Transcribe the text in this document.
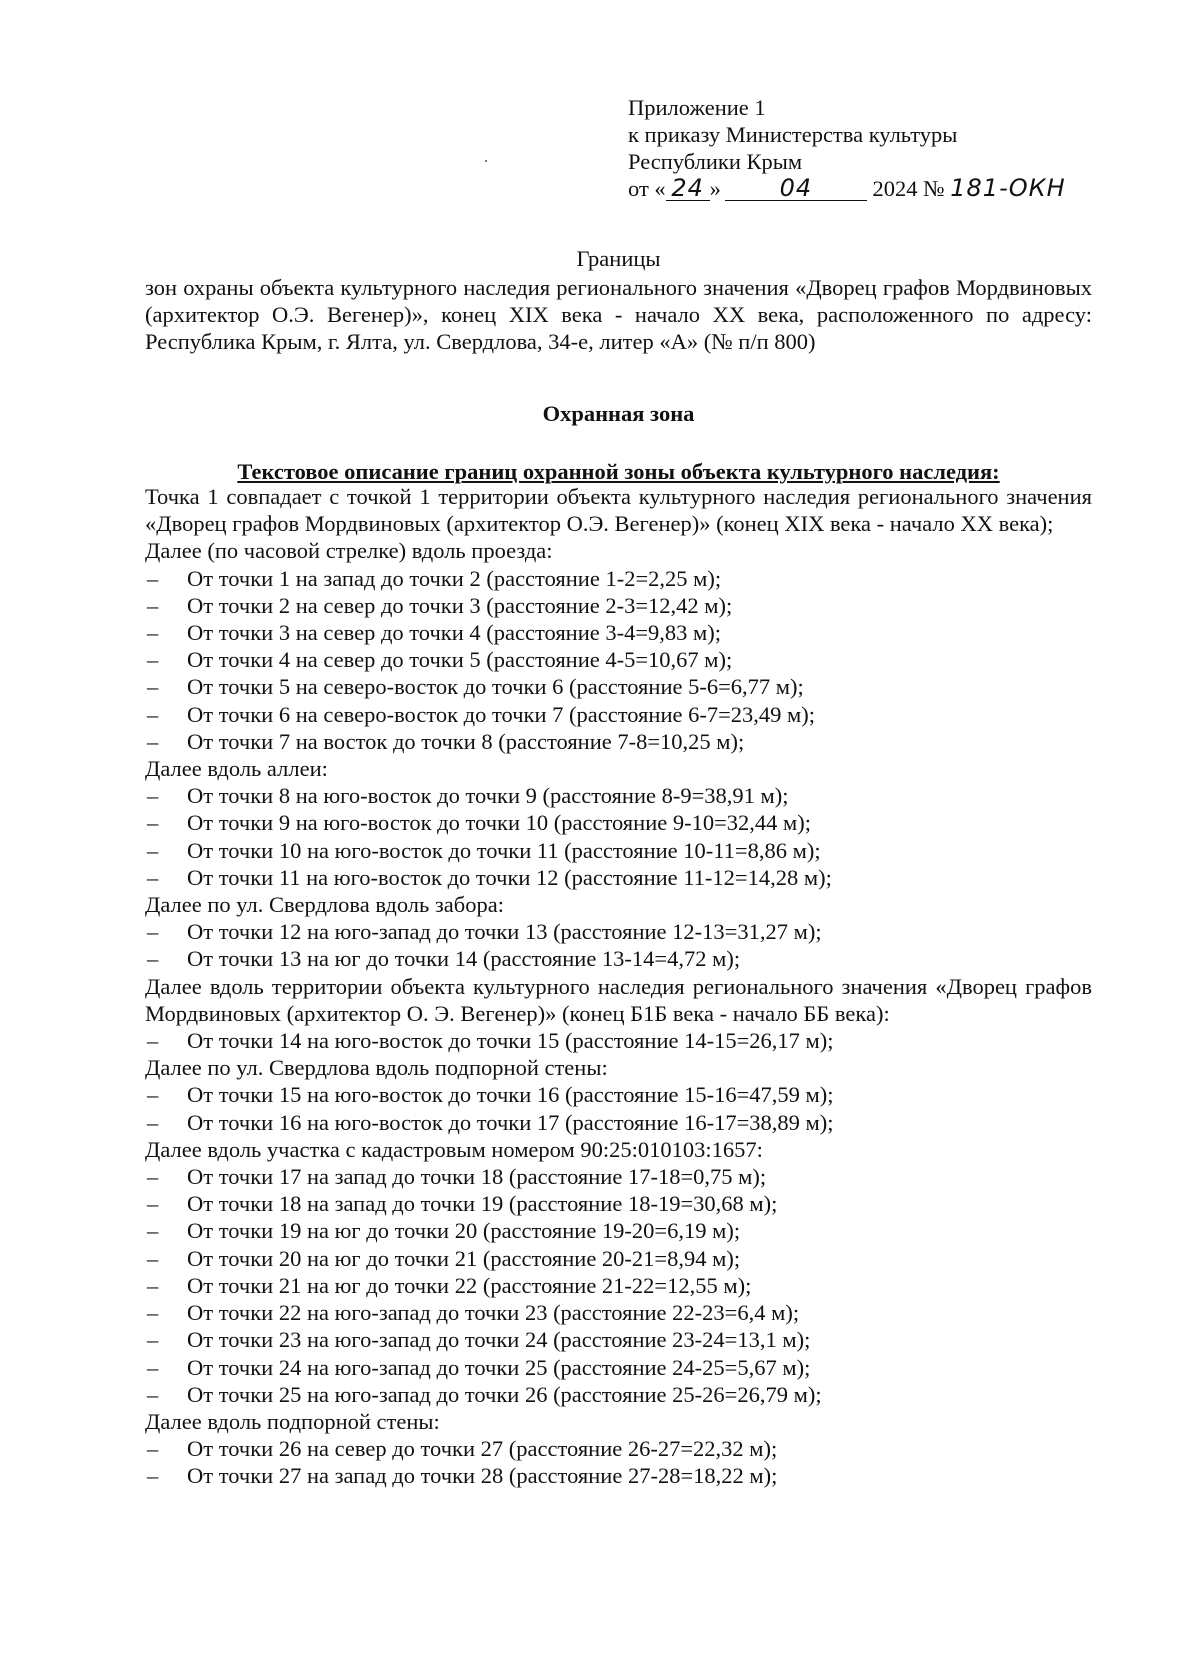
Приложение 1
к приказу Министерства культуры
Республики Крым
от « 24 » 04	2024 № 181-ОКН
Границы
зон охраны объекта культурного наследия регионального значения «Дворец графов Мордвиновых (архитектор О.Э. Вегенер)», конец XIX века - начало XX века, расположенного по адресу: Республика Крым, г. Ялта, ул. Свердлова, 34-е, литер «А» (№ п/п 800)
Охранная зона
Текстовое описание границ охранной зоны объекта культурного наследия:
Точка 1 совпадает с точкой 1 территории объекта культурного наследия регионального значения «Дворец графов Мордвиновых (архитектор О.Э. Вегенер)» (конец XIX века - начало XX века);
Далее (по часовой стрелке) вдоль проезда:
–	От точки 1 на запад до точки 2 (расстояние 1-2=2,25 м);
–	От точки 2 на север до точки 3 (расстояние 2-3=12,42 м);
–	От точки 3 на север до точки 4 (расстояние 3-4=9,83 м);
–	От точки 4 на север до точки 5 (расстояние 4-5=10,67 м);
–	От точки 5 на северо-восток до точки 6 (расстояние 5-6=6,77 м);
–	От точки 6 на северо-восток до точки 7 (расстояние 6-7=23,49 м);
–	От точки 7 на восток до точки 8 (расстояние 7-8=10,25 м);
Далее вдоль аллеи:
–	От точки 8 на юго-восток до точки 9 (расстояние 8-9=38,91 м);
–	От точки 9 на юго-восток до точки 10 (расстояние 9-10=32,44 м);
–	От точки 10 на юго-восток до точки 11 (расстояние 10-11=8,86 м);
–	От точки 11 на юго-восток до точки 12 (расстояние 11-12=14,28 м);
Далее по ул. Свердлова вдоль забора:
–	От точки 12 на юго-запад до точки 13 (расстояние 12-13=31,27 м);
–	От точки 13 на юг до точки 14 (расстояние 13-14=4,72 м);
Далее вдоль территории объекта культурного наследия регионального значения «Дворец графов Мордвиновых (архитектор О. Э. Вегенер)» (конец Б1Б века - начало ББ века):
–	От точки 14 на юго-восток до точки 15 (расстояние 14-15=26,17 м);
Далее по ул. Свердлова вдоль подпорной стены:
–	От точки 15 на юго-восток до точки 16 (расстояние 15-16=47,59 м);
–	От точки 16 на юго-восток до точки 17 (расстояние 16-17=38,89 м);
Далее вдоль участка с кадастровым номером 90:25:010103:1657:
–	От точки 17 на запад до точки 18 (расстояние 17-18=0,75 м);
–	От точки 18 на запад до точки 19 (расстояние 18-19=30,68 м);
–	От точки 19 на юг до точки 20 (расстояние 19-20=6,19 м);
–	От точки 20 на юг до точки 21 (расстояние 20-21=8,94 м);
–	От точки 21 на юг до точки 22 (расстояние 21-22=12,55 м);
–	От точки 22 на юго-запад до точки 23 (расстояние 22-23=6,4 м);
–	От точки 23 на юго-запад до точки 24 (расстояние 23-24=13,1 м);
–	От точки 24 на юго-запад до точки 25 (расстояние 24-25=5,67 м);
–	От точки 25 на юго-запад до точки 26 (расстояние 25-26=26,79 м);
Далее вдоль подпорной стены:
–	От точки 26 на север до точки 27 (расстояние 26-27=22,32 м);
–	От точки 27 на запад до точки 28 (расстояние 27-28=18,22 м);
